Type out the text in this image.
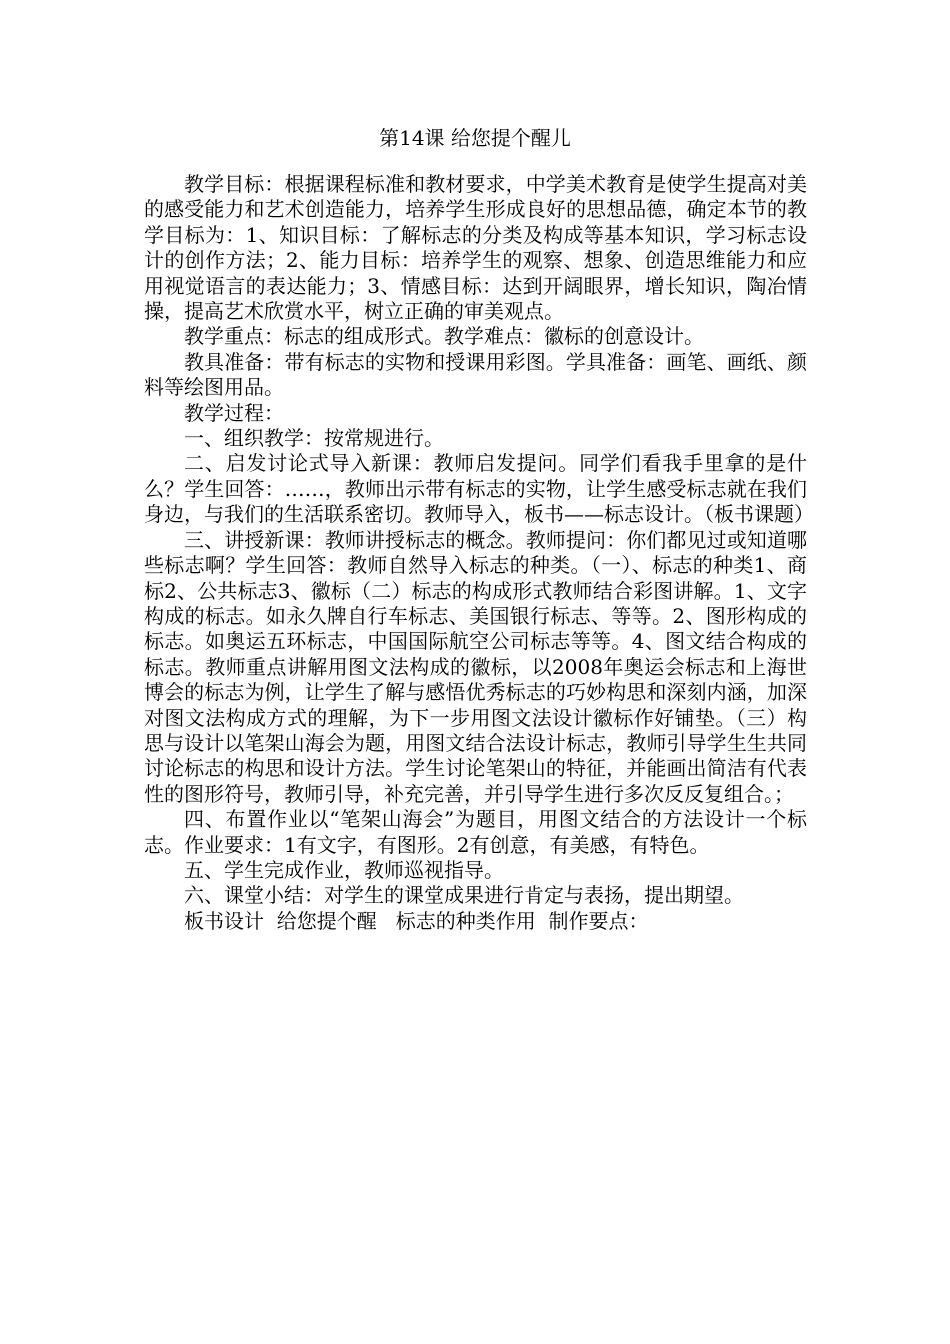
第14课 给您提个醒儿

教学目标：根据课程标准和教材要求，中学美术教育是使学生提高对美的感受能力和艺术创造能力，培养学生形成良好的思想品德，确定本节的教学目标为：1、知识目标：了解标志的分类及构成等基本知识，学习标志设计的创作方法；2、能力目标：培养学生的观察、想象、创造思维能力和应用视觉语言的表达能力；3、情感目标：达到开阔眼界，增长知识，陶冶情操，提高艺术欣赏水平，树立正确的审美观点。

教学重点：标志的组成形式。教学难点：徽标的创意设计。

教具准备：带有标志的实物和授课用彩图。学具准备：画笔、画纸、颜料等绘图用品。

教学过程：

一、组织教学：按常规进行。

二、启发讨论式导入新课：教师启发提问。同学们看我手里拿的是什么？学生回答：……，教师出示带有标志的实物，让学生感受标志就在我们身边，与我们的生活联系密切。教师导入，板书——标志设计。（板书课题）

三、讲授新课：教师讲授标志的概念。教师提问：你们都见过或知道哪些标志啊？学生回答：教师自然导入标志的种类。（一）、标志的种类1、商标2、公共标志3、徽标（二）标志的构成形式教师结合彩图讲解。1、文字构成的标志。如永久牌自行车标志、美国银行标志、等等。2、图形构成的标志。如奥运五环标志，中国国际航空公司标志等等。4、图文结合构成的标志。教师重点讲解用图文法构成的徽标，以2008年奥运会标志和上海世博会的标志为例，让学生了解与感悟优秀标志的巧妙构思和深刻内涵，加深对图文法构成方式的理解，为下一步用图文法设计徽标作好铺垫。（三）构思与设计以笔架山海会为题，用图文结合法设计标志，教师引导学生生共同讨论标志的构思和设计方法。学生讨论笔架山的特征，并能画出简洁有代表性的图形符号，教师引导，补充完善，并引导学生进行多次反反复组合。；

四、布置作业以“笔架山海会”为题目，用图文结合的方法设计一个标志。作业要求：1有文字，有图形。2有创意，有美感，有特色。

五、学生完成作业，教师巡视指导。

六、课堂小结：对学生的课堂成果进行肯定与表扬，提出期望。

板书设计  给您提个醒   标志的种类作用  制作要点：
